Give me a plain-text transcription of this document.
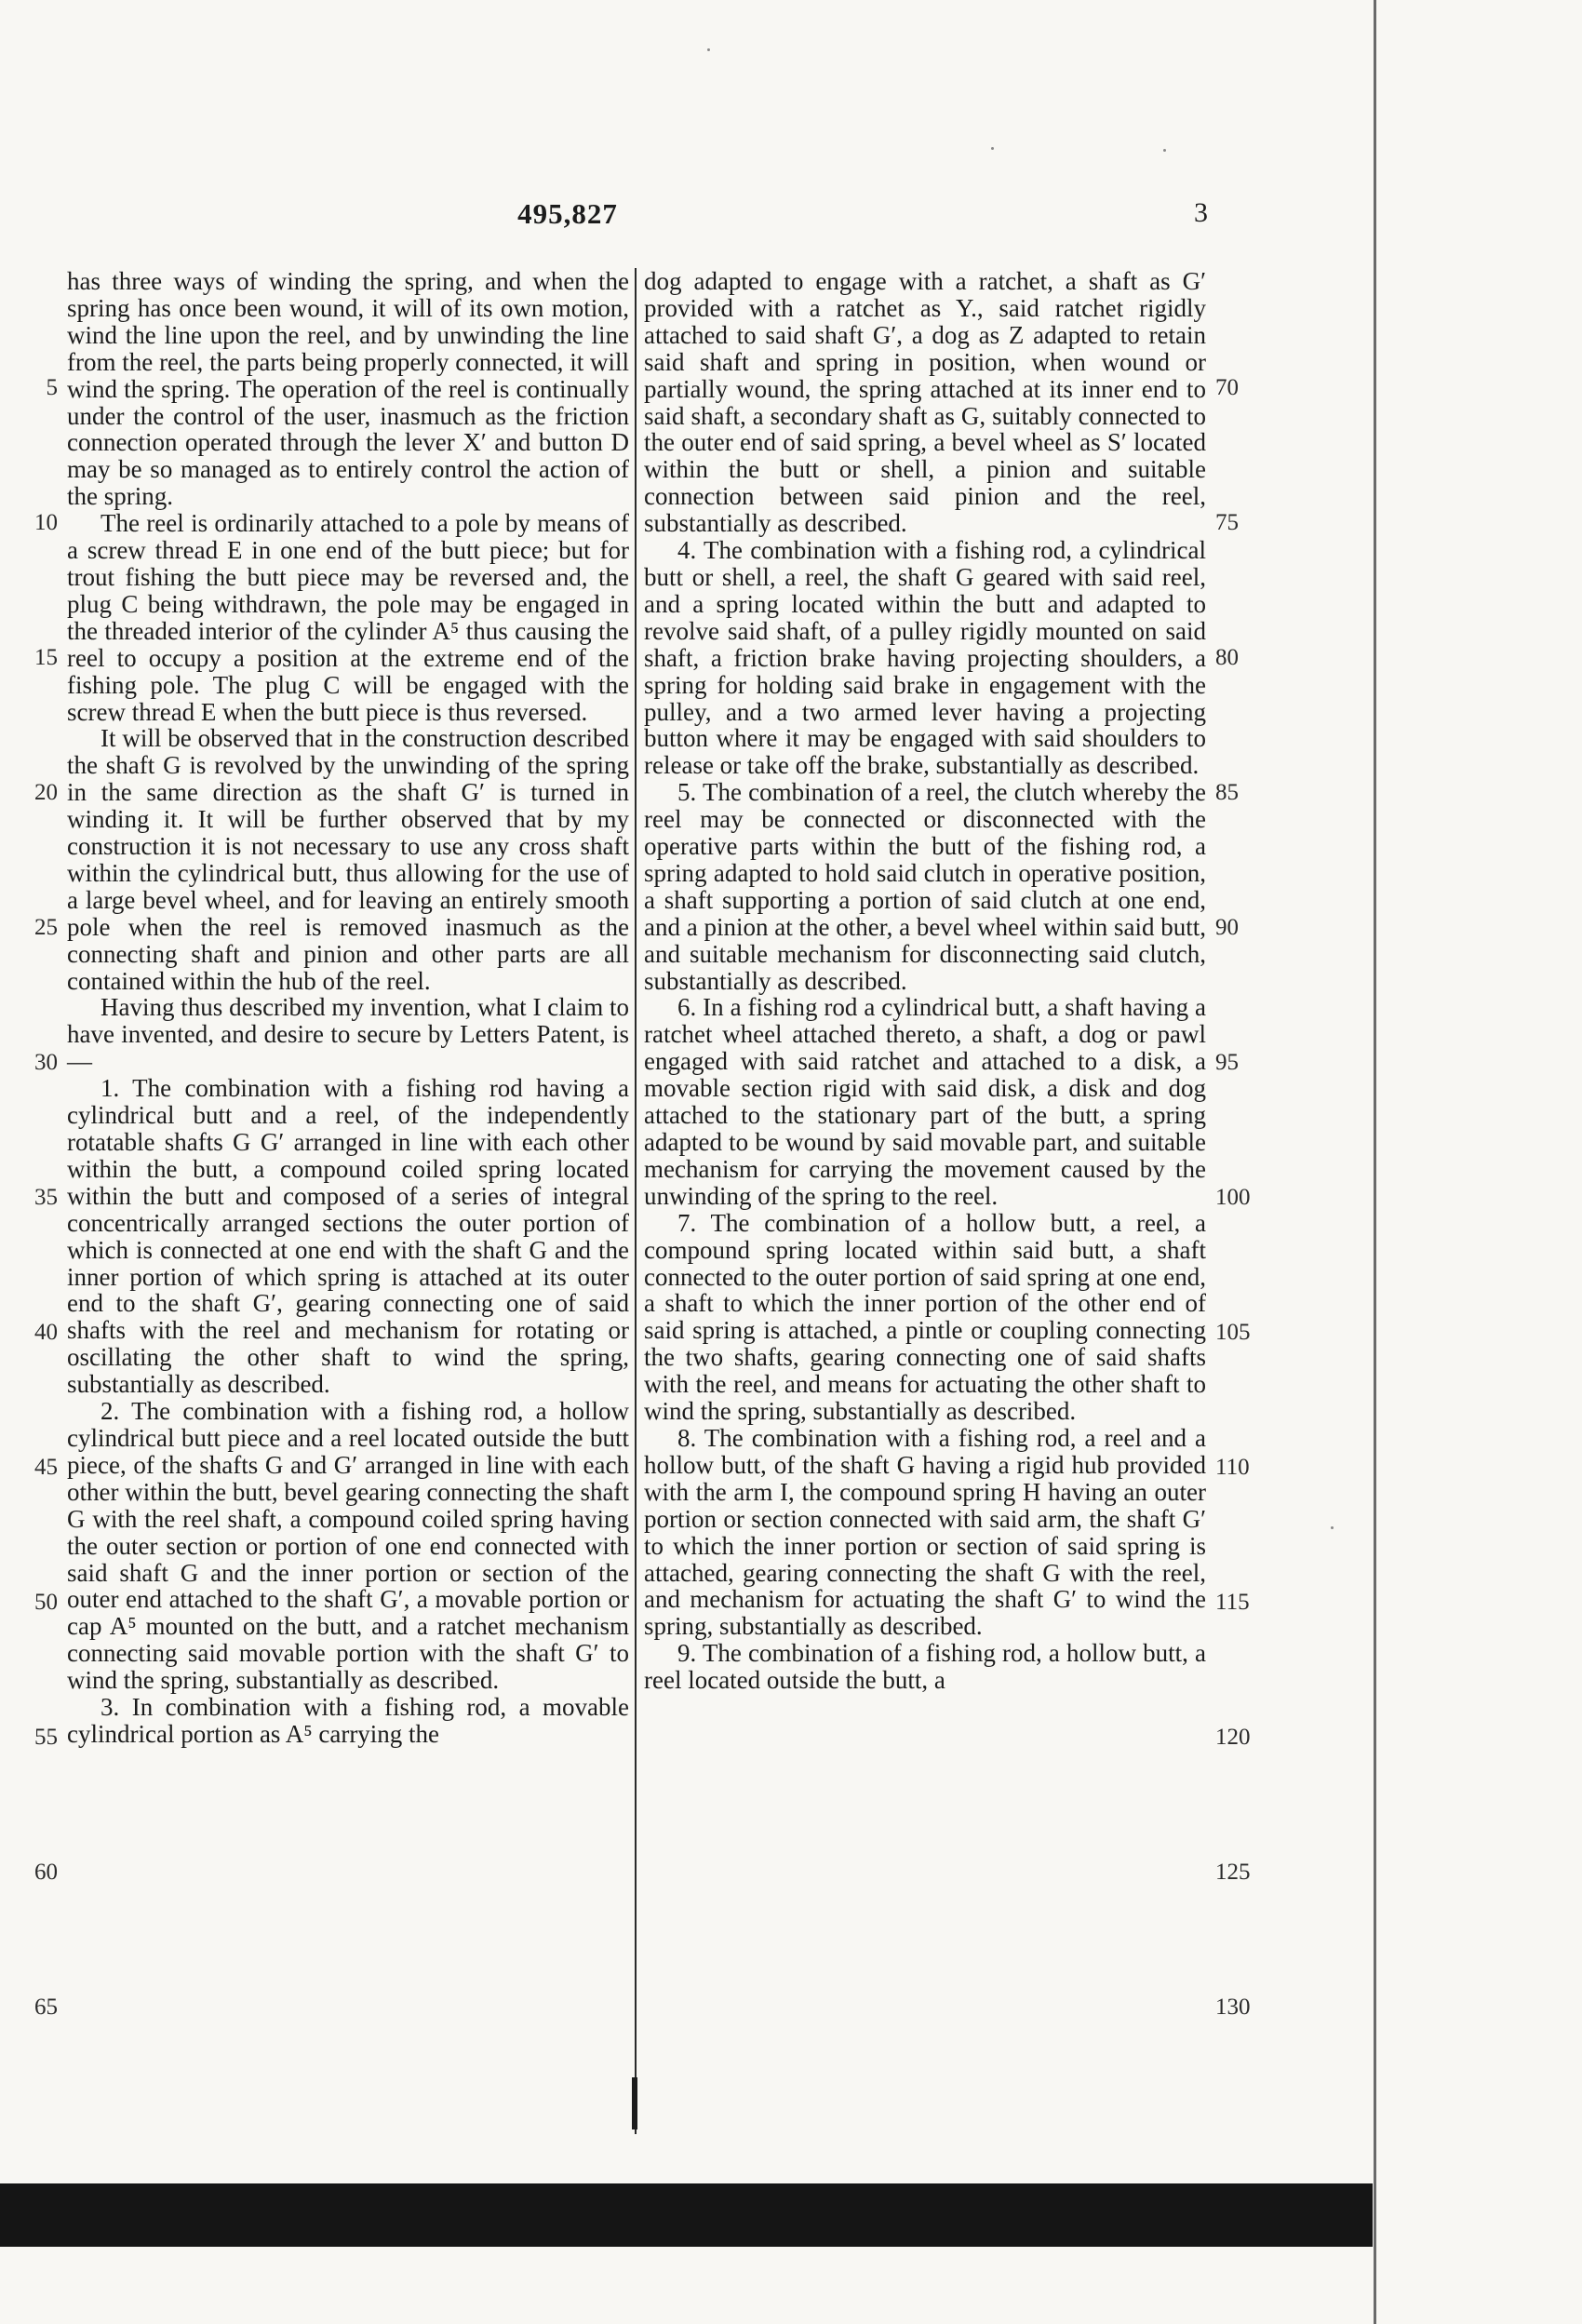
495,827	3
5
10
15
20
25
30
35
40
45
50
55
60
65

has three ways of winding the spring, and when the spring has once been wound, it will of its own motion, wind the line upon the reel, and by unwinding the line from the reel, the parts being properly connected, it will wind the spring. The operation of the reel is continually under the control of the user, inasmuch as the friction connection operated through the lever X′ and button D may be so managed as to entirely control the action of the spring.

The reel is ordinarily attached to a pole by means of a screw thread E in one end of the butt piece; but for trout fishing the butt piece may be reversed and, the plug C being withdrawn, the pole may be engaged in the threaded interior of the cylinder A⁵ thus causing the reel to occupy a position at the extreme end of the fishing pole. The plug C will be engaged with the screw thread E when the butt piece is thus reversed.

It will be observed that in the construction described the shaft G is revolved by the unwinding of the spring in the same direction as the shaft G′ is turned in winding it. It will be further observed that by my construction it is not necessary to use any cross shaft within the cylindrical butt, thus allowing for the use of a large bevel wheel, and for leaving an entirely smooth pole when the reel is removed inasmuch as the connecting shaft and pinion and other parts are all contained within the hub of the reel.

Having thus described my invention, what I claim to have invented, and desire to secure by Letters Patent, is—

1. The combination with a fishing rod having a cylindrical butt and a reel, of the independently rotatable shafts G G′ arranged in line with each other within the butt, a compound coiled spring located within the butt and composed of a series of integral concentrically arranged sections the outer portion of which is connected at one end with the shaft G and the inner portion of which spring is attached at its outer end to the shaft G′, gearing connecting one of said shafts with the reel and mechanism for rotating or oscillating the other shaft to wind the spring, substantially as described.

2. The combination with a fishing rod, a hollow cylindrical butt piece and a reel located outside the butt piece, of the shafts G and G′ arranged in line with each other within the butt, bevel gearing connecting the shaft G with the reel shaft, a compound coiled spring having the outer section or portion of one end connected with said shaft G and the inner portion or section of the outer end attached to the shaft G′, a movable portion or cap A⁵ mounted on the butt, and a ratchet mechanism connecting said movable portion with the shaft G′ to wind the spring, substantially as described.

3. In combination with a fishing rod, a movable cylindrical portion as A⁵ carrying the

dog adapted to engage with a ratchet, a shaft as G′ provided with a ratchet as Y., said ratchet rigidly attached to said shaft G′, a dog as Z adapted to retain said shaft and spring in position, when wound or partially wound, the spring attached at its inner end to said shaft, a secondary shaft as G, suitably connected to the outer end of said spring, a bevel wheel as S′ located within the butt or shell, a pinion and suitable connection between said pinion and the reel, substantially as described.

4. The combination with a fishing rod, a cylindrical butt or shell, a reel, the shaft G geared with said reel, and a spring located within the butt and adapted to revolve said shaft, of a pulley rigidly mounted on said shaft, a friction brake having projecting shoulders, a spring for holding said brake in engagement with the pulley, and a two armed lever having a projecting button where it may be engaged with said shoulders to release or take off the brake, substantially as described.

5. The combination of a reel, the clutch whereby the reel may be connected or disconnected with the operative parts within the butt of the fishing rod, a spring adapted to hold said clutch in operative position, a shaft supporting a portion of said clutch at one end, and a pinion at the other, a bevel wheel within said butt, and suitable mechanism for disconnecting said clutch, substantially as described.

6. In a fishing rod a cylindrical butt, a shaft having a ratchet wheel attached thereto, a shaft, a dog or pawl engaged with said ratchet and attached to a disk, a movable section rigid with said disk, a disk and dog attached to the stationary part of the butt, a spring adapted to be wound by said movable part, and suitable mechanism for carrying the movement caused by the unwinding of the spring to the reel.

7. The combination of a hollow butt, a reel, a compound spring located within said butt, a shaft connected to the outer portion of said spring at one end, a shaft to which the inner portion of the other end of said spring is attached, a pintle or coupling connecting the two shafts, gearing connecting one of said shafts with the reel, and means for actuating the other shaft to wind the spring, substantially as described.

8. The combination with a fishing rod, a reel and a hollow butt, of the shaft G having a rigid hub provided with the arm I, the compound spring H having an outer portion or section connected with said arm, the shaft G′ to which the inner portion or section of said spring is attached, gearing connecting the shaft G with the reel, and mechanism for actuating the shaft G′ to wind the spring, substantially as described.

9. The combination of a fishing rod, a hollow butt, a reel located outside the butt, a

70
75
80
85
90
95
100
105
110
115
120
125
130
